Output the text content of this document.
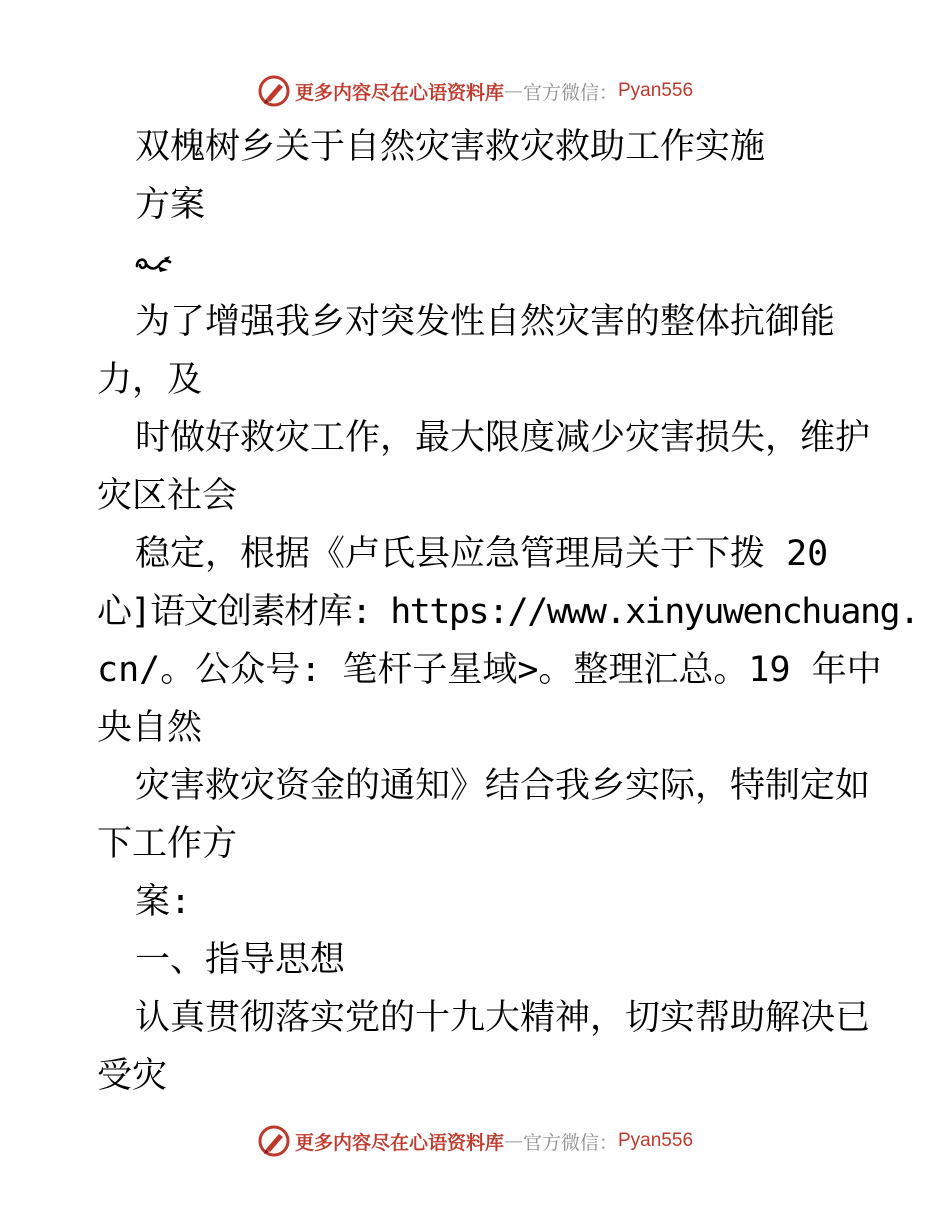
更多内容尽在心语资料库 — 官方微信： Pyan556

双槐树乡关于自然灾害救灾救助工作实施

方案

为了增强我乡对突发性自然灾害的整体抗御能

力，及

时做好救灾工作，最大限度减少灾害损失，维护

灾区社会

稳定，根据《卢氏县应急管理局关于下拨 20

心]语文创素材库: https://www.xinyuwenchuang.

cn/。公众号: 笔杆子星域>。整理汇总。19 年中

央自然

灾害救灾资金的通知》结合我乡实际，特制定如

下工作方

案:

一、指导思想

认真贯彻落实党的十九大精神，切实帮助解决已

受灾

更多内容尽在心语资料库 — 官方微信： Pyan556
